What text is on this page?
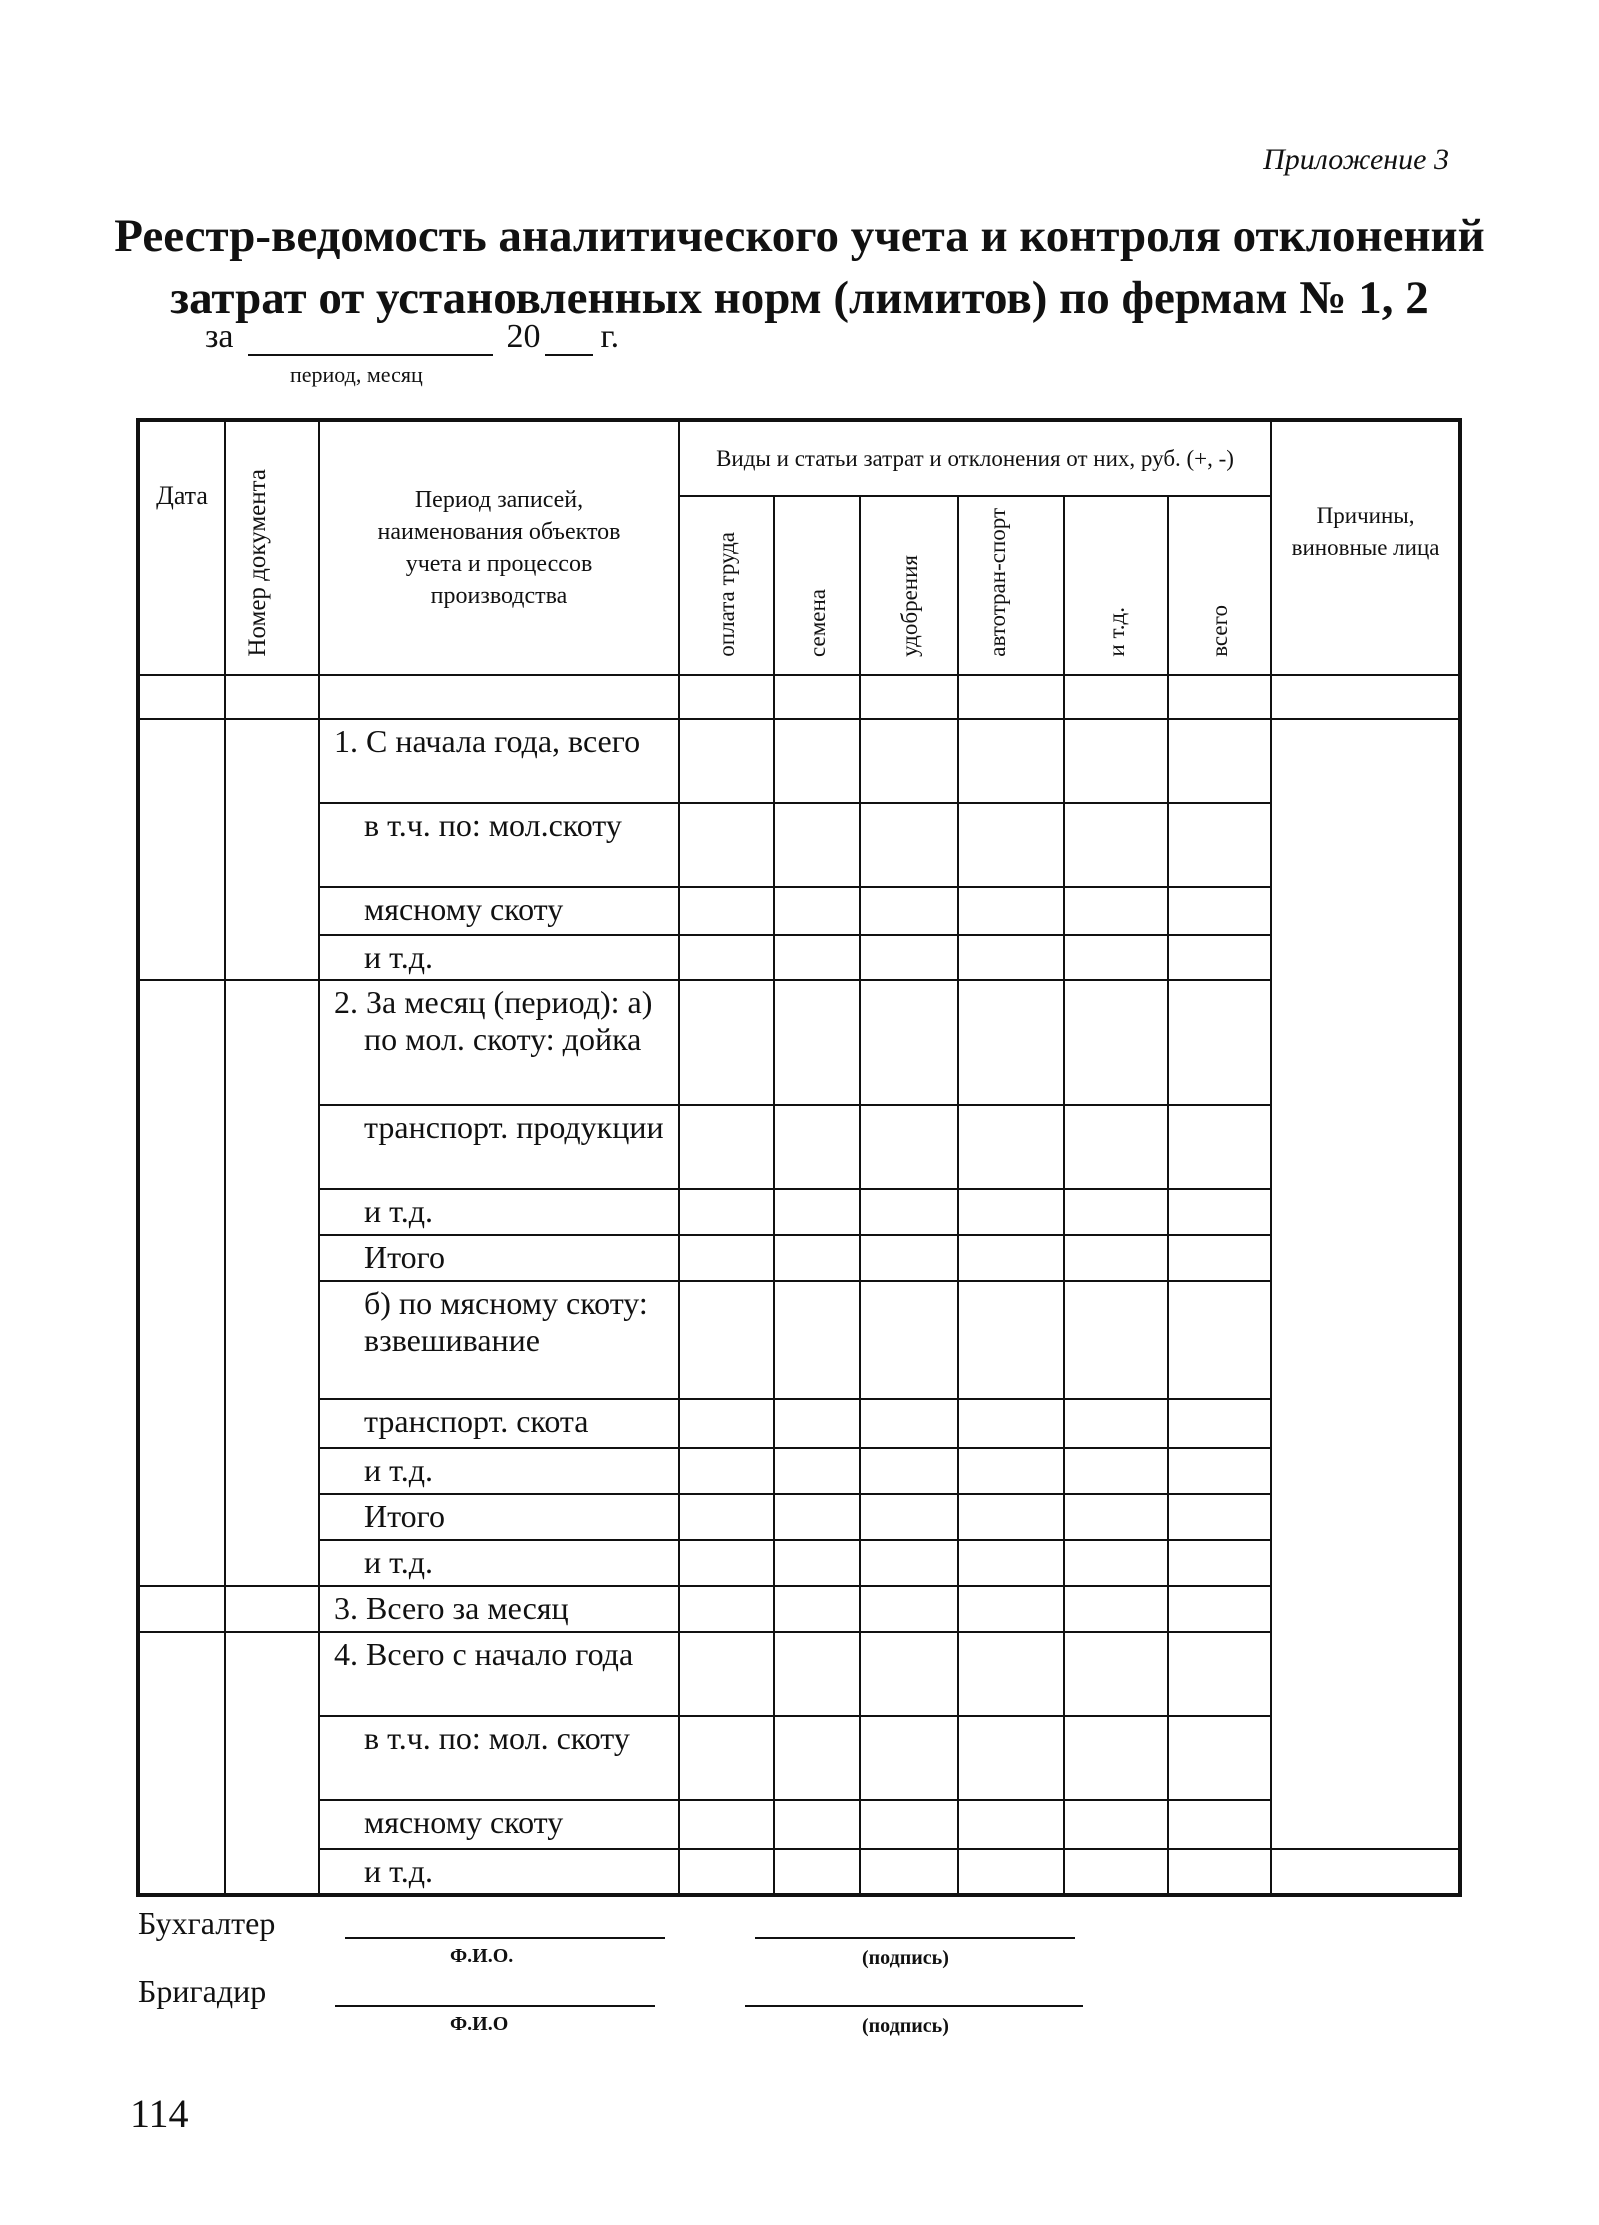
Приложение 3
Реестр-ведомость аналитического учета и контроля отклонений
затрат от установленных норм (лимитов) по фермам № 1, 2
за	20 г.
период, месяц
Дата	Номер документа	Период записей, наименования объектов учета и процессов производства	Виды и статьи затрат и отклонения от них, руб. (+, -)						Причины, виновные лица	
			оплата труда	семена	удобрения	автотран-спорт	и т.д.	всего		

		1. С начала года, всего								
		в т.ч. по: мол.скоту								
		мясному скоту								
		и т.д.								
		2. За месяц (период): а) по мол. скоту: дойка								
		транспорт. продукции								
		и т.д.								
		Итого								
		б) по мясному скоту: взвешивание								
		транспорт. скота								
		и т.д.								
		Итого								
		и т.д.								
		3. Всего за месяц								
		4. Всего с начало года								
		в т.ч. по: мол. скоту								
		мясному скоту								
		и т.д.								
Бухгалтер
Ф.И.О.	(подпись)
Бригадир
Ф.И.О	(подпись)
114
